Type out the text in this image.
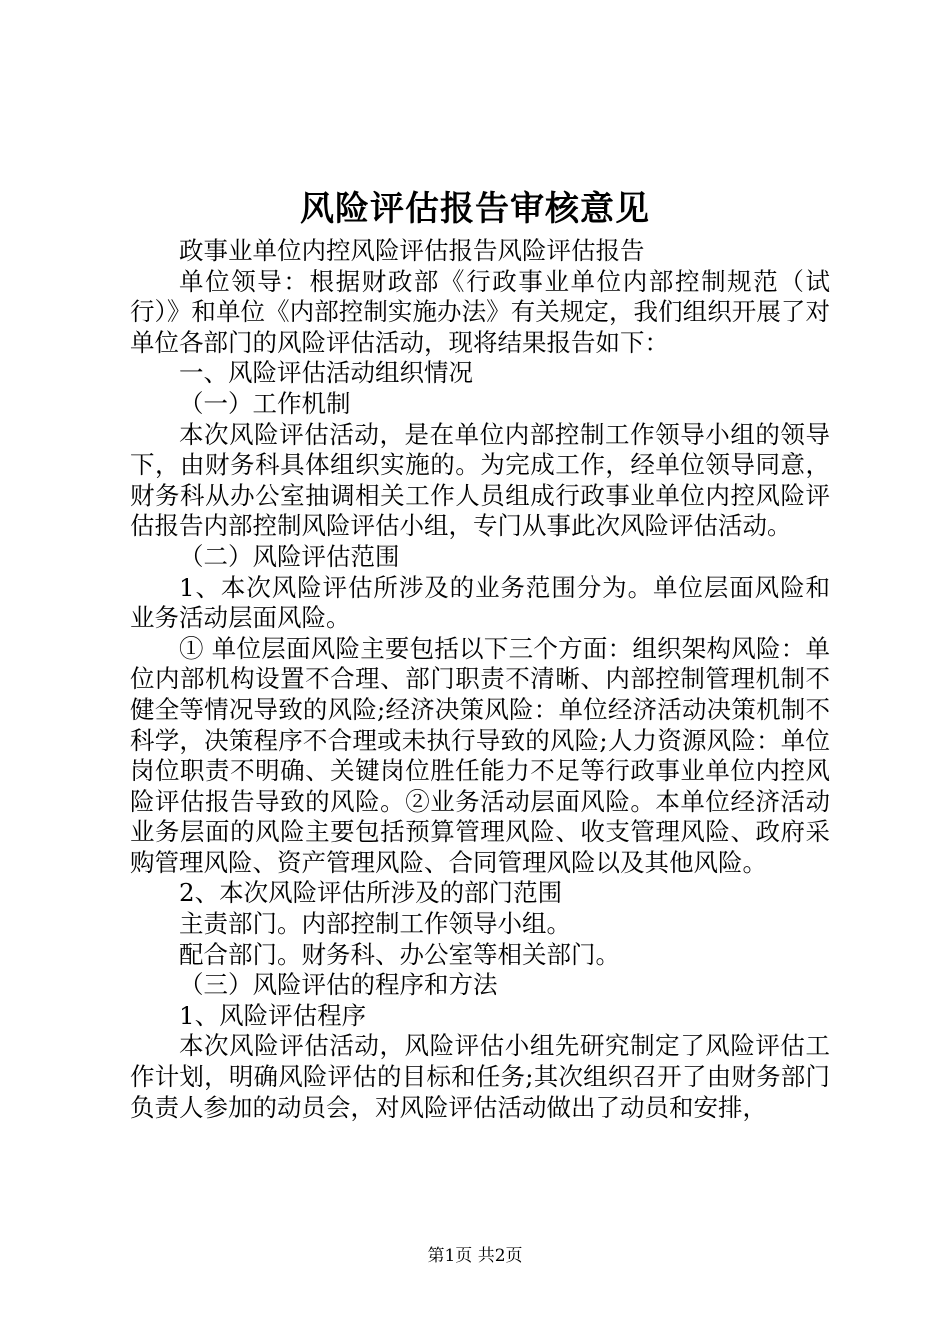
风险评估报告审核意见

政事业单位内控风险评估报告风险评估报告

单位领导：根据财政部《行政事业单位内部控制规范（试行）》和单位《内部控制实施办法》有关规定，我们组织开展了对单位各部门的风险评估活动，现将结果报告如下：

一、风险评估活动组织情况

（一）工作机制

本次风险评估活动，是在单位内部控制工作领导小组的领导下，由财务科具体组织实施的。为完成工作，经单位领导同意，财务科从办公室抽调相关工作人员组成行政事业单位内控风险评估报告内部控制风险评估小组，专门从事此次风险评估活动。

（二）风险评估范围

1、本次风险评估所涉及的业务范围分为。单位层面风险和业务活动层面风险。

① 单位层面风险主要包括以下三个方面：组织架构风险：单位内部机构设置不合理、部门职责不清晰、内部控制管理机制不健全等情况导致的风险;经济决策风险：单位经济活动决策机制不科学，决策程序不合理或未执行导致的风险;人力资源风险：单位岗位职责不明确、关键岗位胜任能力不足等行政事业单位内控风险评估报告导致的风险。②业务活动层面风险。本单位经济活动业务层面的风险主要包括预算管理风险、收支管理风险、政府采购管理风险、资产管理风险、合同管理风险以及其他风险。

2、本次风险评估所涉及的部门范围

主责部门。内部控制工作领导小组。

配合部门。财务科、办公室等相关部门。

（三）风险评估的程序和方法

1、风险评估程序

本次风险评估活动，风险评估小组先研究制定了风险评估工作计划，明确风险评估的目标和任务;其次组织召开了由财务部门负责人参加的动员会，对风险评估活动做出了动员和安排，

第1页 共2页
